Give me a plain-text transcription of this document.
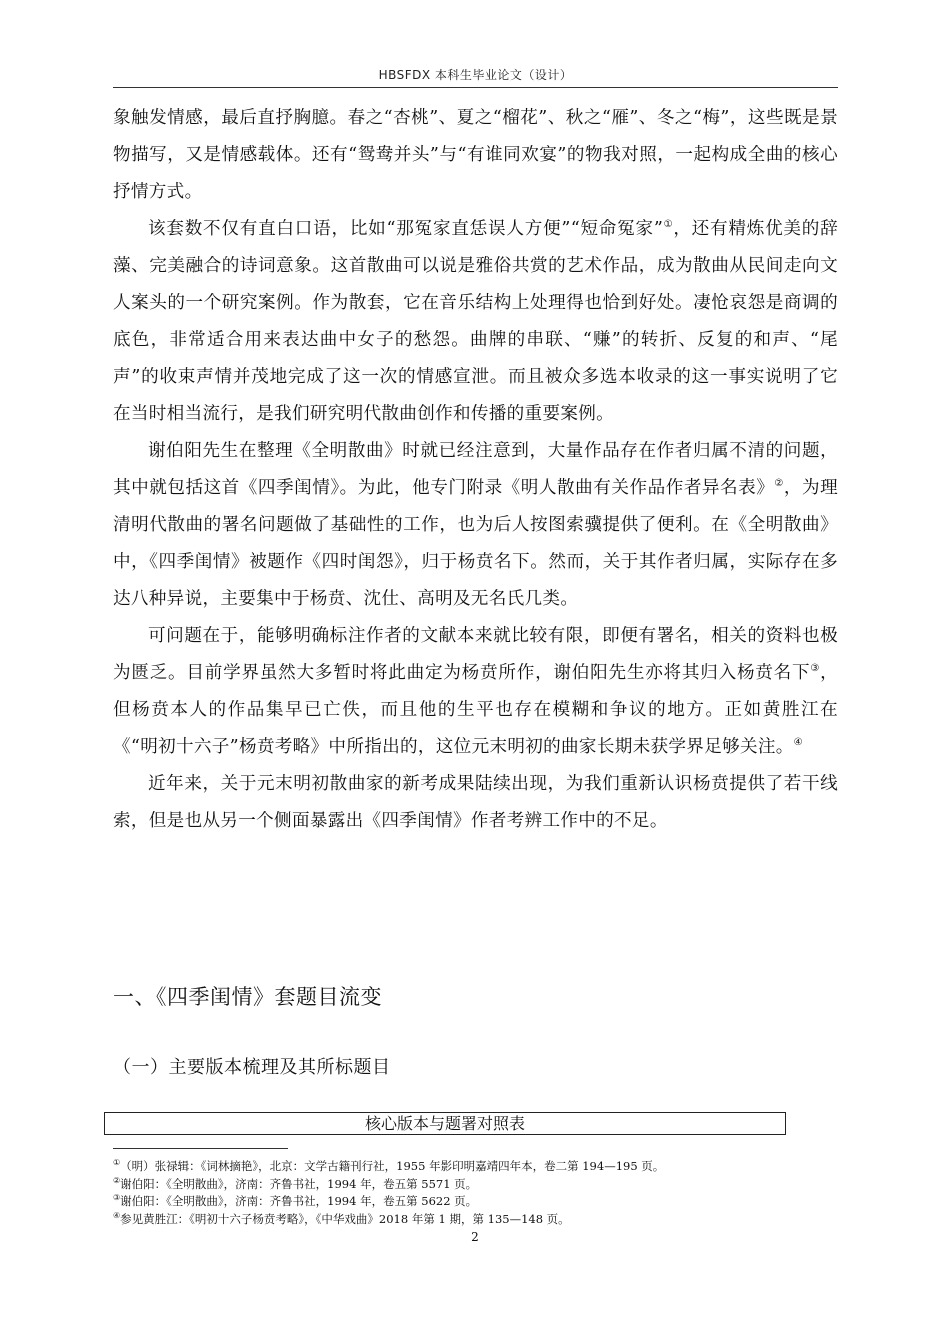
HBSFDX 本科生毕业论文（设计）

象触发情感，最后直抒胸臆。春之“杏桃”、夏之“榴花”、秋之“雁”、冬之“梅”，这些既是景物描写，又是情感载体。还有“鸳鸯并头”与“有谁同欢宴”的物我对照，一起构成全曲的核心抒情方式。

该套数不仅有直白口语，比如“那冤家直恁误人方便”“短命冤家”①，还有精炼优美的辞藻、完美融合的诗词意象。这首散曲可以说是雅俗共赏的艺术作品，成为散曲从民间走向文人案头的一个研究案例。作为散套，它在音乐结构上处理得也恰到好处。凄怆哀怨是商调的底色，非常适合用来表达曲中女子的愁怨。曲牌的串联、“赚”的转折、反复的和声、“尾声”的收束声情并茂地完成了这一次的情感宣泄。而且被众多选本收录的这一事实说明了它在当时相当流行，是我们研究明代散曲创作和传播的重要案例。

谢伯阳先生在整理《全明散曲》时就已经注意到，大量作品存在作者归属不清的问题，其中就包括这首《四季闺情》。为此，他专门附录《明人散曲有关作品作者异名表》②，为理清明代散曲的署名问题做了基础性的工作，也为后人按图索骥提供了便利。在《全明散曲》中，《四季闺情》被题作《四时闺怨》，归于杨贲名下。然而，关于其作者归属，实际存在多达八种异说，主要集中于杨贲、沈仕、高明及无名氏几类。

可问题在于，能够明确标注作者的文献本来就比较有限，即便有署名，相关的资料也极为匮乏。目前学界虽然大多暂时将此曲定为杨贲所作，谢伯阳先生亦将其归入杨贲名下③，但杨贲本人的作品集早已亡佚，而且他的生平也存在模糊和争议的地方。正如黄胜江在《“明初十六子”杨贲考略》中所指出的，这位元末明初的曲家长期未获学界足够关注。④

近年来，关于元末明初散曲家的新考成果陆续出现，为我们重新认识杨贲提供了若干线索，但是也从另一个侧面暴露出《四季闺情》作者考辨工作中的不足。

一、《四季闺情》套题目流变
（一）主要版本梳理及其所标题目
核心版本与题署对照表
①（明）张禄辑：《词林摘艳》，北京：文学古籍刊行社，1955 年影印明嘉靖四年本，卷二第 194—195 页。
②谢伯阳：《全明散曲》，济南：齐鲁书社，1994 年，卷五第 5571 页。
③谢伯阳：《全明散曲》，济南：齐鲁书社，1994 年，卷五第 5622 页。
④参见黄胜江：《明初十六子杨贲考略》，《中华戏曲》2018 年第 1 期，第 135—148 页。
2
